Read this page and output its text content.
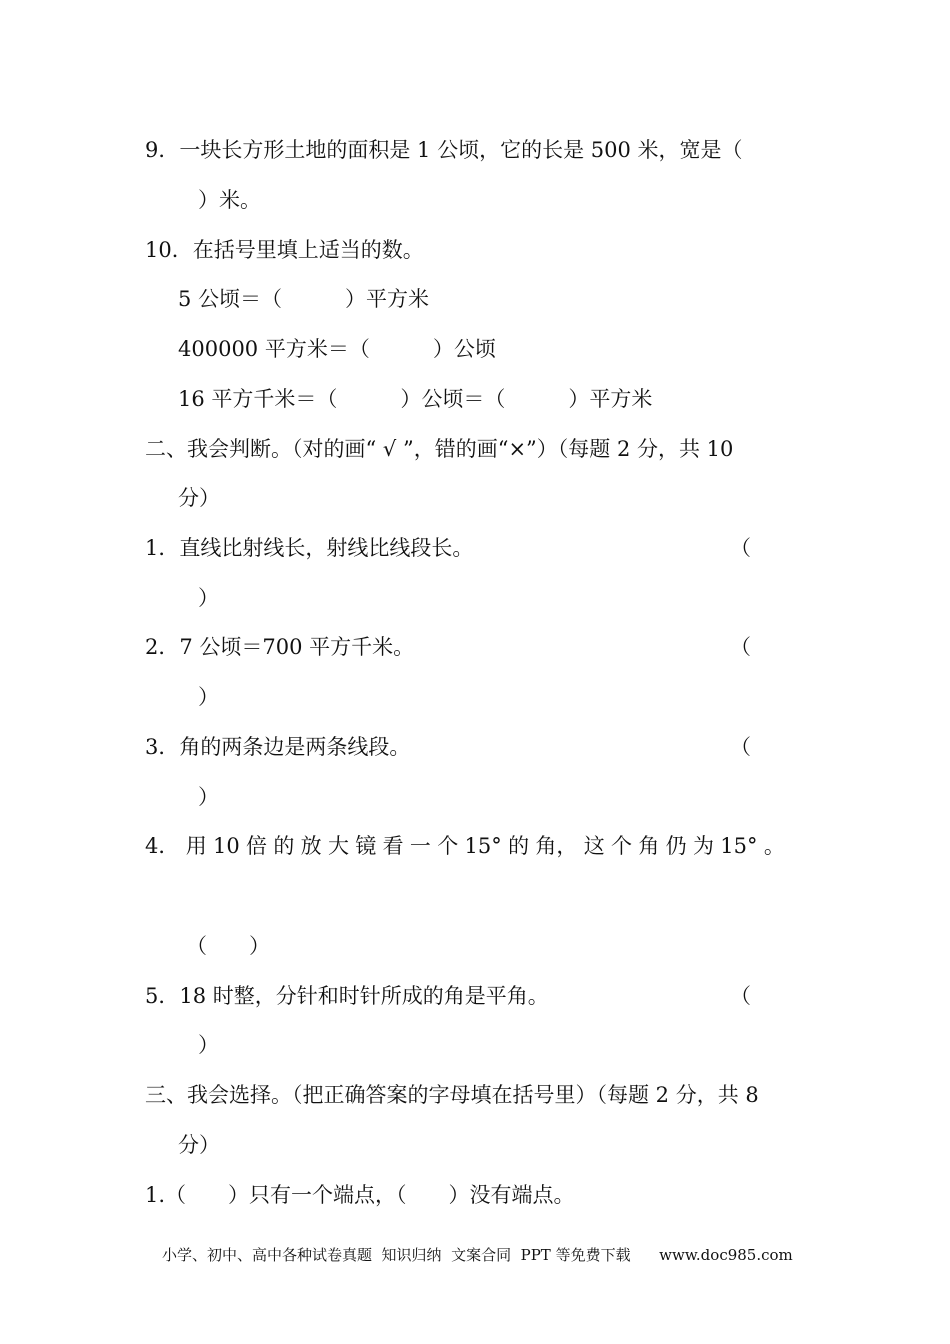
9．一块长方形土地的面积是 1 公顷，它的长是 500 米，宽是（
）米。
10．在括号里填上适当的数。
5 公顷＝（　　　）平方米
400000 平方米＝（　　　）公顷
16 平方千米＝（　　　）公顷＝（　　　）平方米
二、我会判断。（对的画“ √ ”，错的画“×”）（每题 2 分，共 10
分）
1．直线比射线长，射线比线段长。	（
）
2．7 公顷＝700 平方千米。	（
）
3．角的两条边是两条线段。	（
）
4． 用 10 倍 的 放 大 镜 看 一 个 15° 的 角， 这 个 角 仍 为 15° 。
（　　）
5．18 时整，分针和时针所成的角是平角。	（
）
三、我会选择。（把正确答案的字母填在括号里）（每题 2 分，共 8
分）
1.（　　）只有一个端点，（　　）没有端点。
小学、初中、高中各种试卷真题  知识归纳  文案合同  PPT 等免费下载      www.doc985.com
